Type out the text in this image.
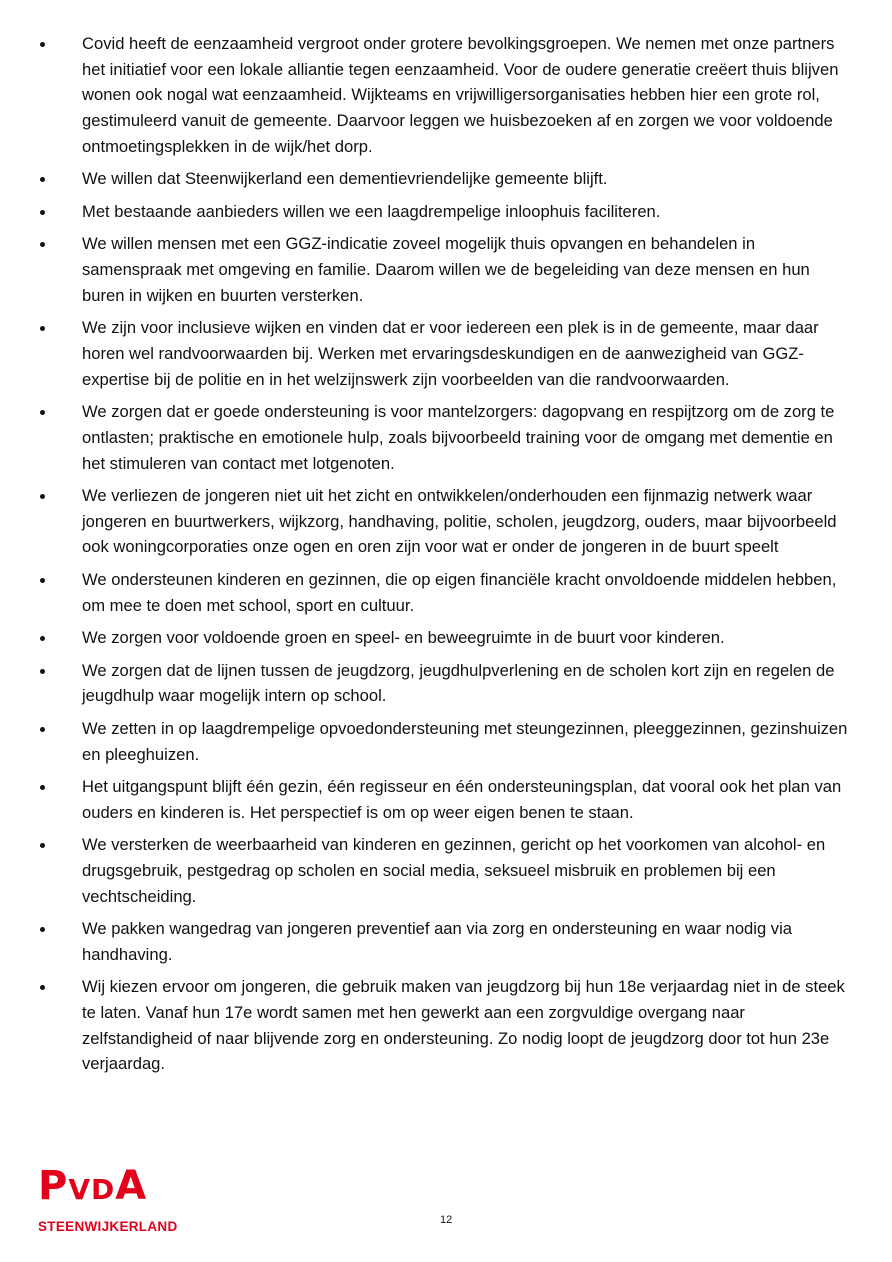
Covid heeft de eenzaamheid vergroot onder grotere bevolkingsgroepen. We nemen met onze partners het initiatief voor een lokale alliantie tegen eenzaamheid. Voor de oudere generatie creëert thuis blijven wonen ook nogal wat eenzaamheid. Wijkteams en vrijwilligersorganisaties hebben hier een grote rol, gestimuleerd vanuit de gemeente. Daarvoor leggen we huisbezoeken af en zorgen we voor voldoende ontmoetingsplekken in de wijk/het dorp.
We willen dat Steenwijkerland een dementievriendelijke gemeente blijft.
Met bestaande aanbieders willen we een laagdrempelige inloophuis faciliteren.
We willen mensen met een GGZ-indicatie zoveel mogelijk thuis opvangen en behandelen in samenspraak met omgeving en familie. Daarom willen we de begeleiding van deze mensen en hun buren in wijken en buurten versterken.
We zijn voor inclusieve wijken en vinden dat er voor iedereen een plek is in de gemeente, maar daar horen wel randvoorwaarden bij. Werken met ervaringsdeskundigen en de aanwezigheid van GGZ-expertise bij de politie en in het welzijnswerk zijn voorbeelden van die randvoorwaarden.
We zorgen dat er goede ondersteuning is voor mantelzorgers: dagopvang en respijtzorg om de zorg te ontlasten; praktische en emotionele hulp, zoals bijvoorbeeld training voor de omgang met dementie en het stimuleren van contact met lotgenoten.
We verliezen de jongeren niet uit het zicht en ontwikkelen/onderhouden een fijnmazig netwerk waar jongeren en buurtwerkers, wijkzorg, handhaving, politie, scholen, jeugdzorg, ouders, maar bijvoorbeeld ook woningcorporaties onze ogen en oren zijn voor wat er onder de jongeren in de buurt speelt
We ondersteunen kinderen en gezinnen, die op eigen financiële kracht onvoldoende middelen hebben, om mee te doen met school, sport en cultuur.
We zorgen voor voldoende groen en speel- en beweegruimte in de buurt voor kinderen.
We zorgen dat de lijnen tussen de jeugdzorg, jeugdhulpverlening en de scholen kort zijn en regelen de jeugdhulp waar mogelijk intern op school.
We zetten in op laagdrempelige opvoedondersteuning met steungezinnen, pleeggezinnen, gezinshuizen en pleeghuizen.
Het uitgangspunt blijft één gezin, één regisseur en één ondersteuningsplan, dat vooral ook het plan van ouders en kinderen is. Het perspectief is om op weer eigen benen te staan.
We versterken de weerbaarheid van kinderen en gezinnen, gericht op het voorkomen van alcohol- en drugsgebruik, pestgedrag op scholen en social media, seksueel misbruik en problemen bij een vechtscheiding.
We pakken wangedrag van jongeren preventief aan via zorg en ondersteuning en waar nodig via handhaving.
Wij kiezen ervoor om jongeren, die gebruik maken van jeugdzorg bij hun 18e verjaardag niet in de steek te laten. Vanaf hun 17e wordt samen met hen gewerkt aan een zorgvuldige overgang naar zelfstandigheid of naar blijvende zorg en ondersteuning. Zo nodig loopt de jeugdzorg door tot hun 23e verjaardag.
PVDA
STEENWIJKERLAND	12
